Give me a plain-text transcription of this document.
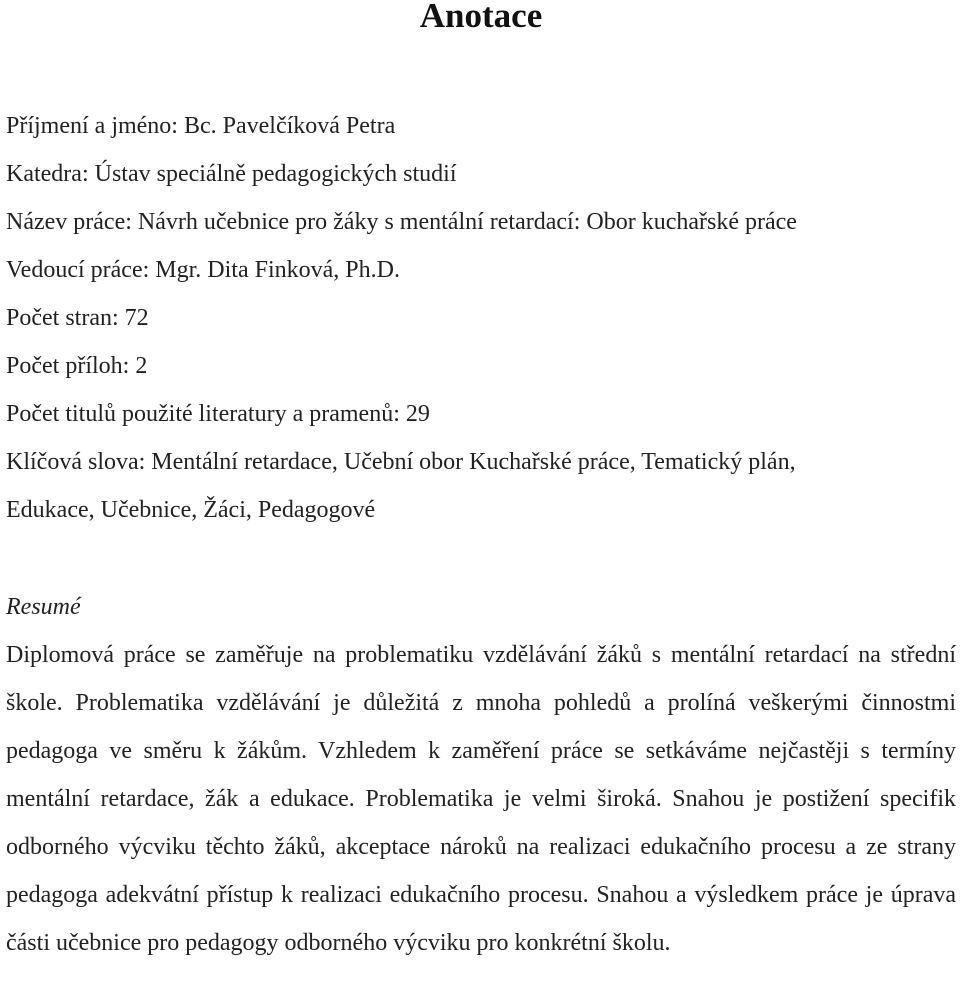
Anotace
Příjmení a jméno: Bc. Pavelčíková Petra
Katedra: Ústav speciálně pedagogických studií
Název práce: Návrh učebnice pro žáky s mentální retardací: Obor kuchařské práce
Vedoucí práce: Mgr. Dita Finková, Ph.D.
Počet stran: 72
Počet příloh: 2
Počet titulů použité literatury a pramenů: 29
Klíčová slova: Mentální retardace, Učební obor Kuchařské práce, Tematický plán,
Edukace, Učebnice, Žáci, Pedagogové
Resumé

Diplomová práce se zaměřuje na problematiku vzdělávání žáků s mentální retardací na střední škole. Problematika vzdělávání je důležitá z mnoha pohledů a prolíná veškerými činnostmi pedagoga ve směru k žákům. Vzhledem k zaměření práce se setkáváme nejčastěji s termíny mentální retardace, žák a edukace. Problematika je velmi široká. Snahou je postižení specifik odborného výcviku těchto žáků, akceptace nároků na realizaci edukačního procesu a ze strany pedagoga adekvátní přístup k realizaci edukačního procesu. Snahou a výsledkem práce je úprava části učebnice pro pedagogy odborného výcviku pro konkrétní školu.
